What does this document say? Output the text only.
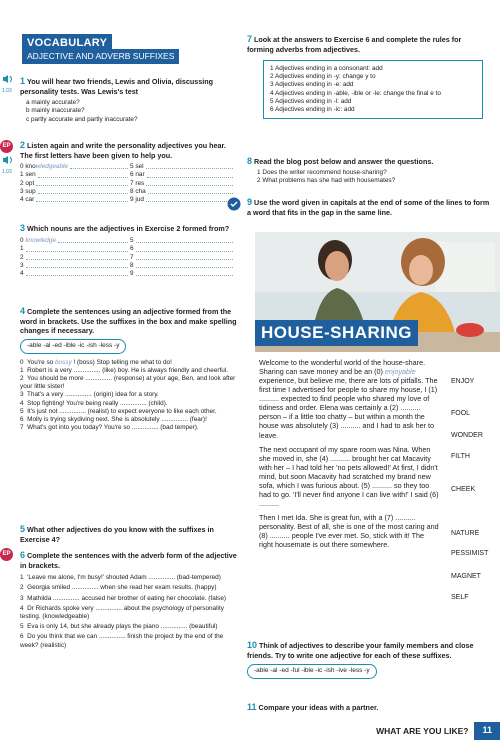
VOCABULARY
ADJECTIVE AND ADVERB SUFFIXES
1.03
1 You will hear two friends, Lewis and Olivia, discussing personality tests. Was Lewis's test
a mainly accurate?
b mainly inaccurate?
c partly accurate and partly inaccurate?
EP
1.03
2 Listen again and write the personality adjectives you hear. The first letters have been given to help you.
0
kno wledgeable
1
sen
2
opt
3
sup
4
car
5
sel
6
nar
7
res
8
cha
9
jud
3 Which nouns are the adjectives in Exercise 2 formed from?
0
knowledge
1
2
3
4
5
6
7
8
9
4 Complete the sentences using an adjective formed from the word in brackets. Use the suffixes in the box and make spelling changes if necessary.
-able -al -ed -ible -ic -ish -less -y
0 You're so bossy ! (boss) Stop telling me what to do!
1 Robert is a very ............... (like) boy. He is always friendly and cheerful.
2 You should be more ............... (response) at your age, Ben, and look after your little sister!
3 That's a very ............... (origin) idea for a story.
4 Stop fighting! You're being really ............... (child).
5 It's just not ............... (realist) to expect everyone to like each other.
6 Molly is trying skydiving next. She is absolutely ............... (fear)!
7 What's got into you today? You're so ............... (bad temper).
5 What other adjectives do you know with the suffixes in Exercise 4?
EP 6 Complete the sentences with the adverb form of the adjective in brackets.
1 'Leave me alone, I'm busy!' shouted Adam ............... (bad-tempered)
2 Georgia smiled ............... when she read her exam results. (happy)
3 Mathilda ............... accused her brother of eating her chocolate. (false)
4 Dr Richards spoke very ............... about the psychology of personality testing. (knowledgeable)
5 Eva is only 14, but she already plays the piano ............... (beautiful)
6 Do you think that we can ............... finish the project by the end of the week? (realistic)
7 Look at the answers to Exercise 6 and complete the rules for forming adverbs from adjectives.
1 Adjectives ending in a consonant: add
2 Adjectives ending in -y: change y to
3 Adjectives ending in -e: add
4 Adjectives ending in -able, -ible or -le: change the final e to
5 Adjectives ending in -l: add
6 Adjectives ending in -ic: add
8 Read the blog post below and answer the questions.
1 Does the writer recommend house-sharing?
2 What problems has she had with housemates?
9 Use the word given in capitals at the end of some of the lines to form a word that fits in the gap in the same line.
HOUSE-SHARING

Welcome to the wonderful world of the house-share. Sharing can save money and be an (0) enjoyable experience, but believe me, there are lots of pitfalls. The first time I advertised for people to share my house, I (1) .......... expected to find people who shared my love of tidiness and order. Elena was certainly a (2) .......... person – if a little too chatty – but within a month the house was absolutely (3) .......... and I had to ask her to leave.

The next occupant of my spare room was Nina. When she moved in, she (4) .......... brought her cat Macavity with her – I had told her 'no pets allowed!' At first, I didn't mind, but soon Macavity had scratched my brand new sofa, which I was furious about. (5) .......... so they too had to go. 'I'll never find anyone I can live with!' I said (6) ..........

Then I met Ida. She is great fun, with a (7) .......... personality. Best of all, she is one of the most caring and (8) .......... people I've ever met. So, stick with it! The right housemate is out there somewhere.

ENJOY
FOOL
WONDER
FILTH
CHEEK
NATURE
PESSIMIST
MAGNET
SELF
10 Think of adjectives to describe your family members and close friends. Try to write one adjective for each of these suffixes.
-able -al -ed -ful -ible -ic -ish -ive -less -y
11 Compare your ideas with a partner.
WHAT ARE YOU LIKE?	11
